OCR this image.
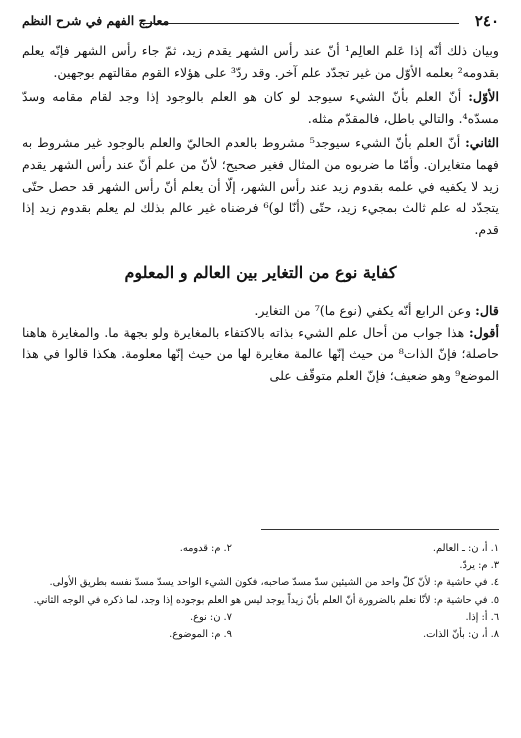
٢٤٠
معارج الفهم في شرح النظم

وبيان ذلك أنّه إذا عَلم العالِم¹ أنّ عند رأس الشهر يقدم زيد، ثمّ جاء رأس الشهر فإنّه يعلم بقدومه² بعلمه الأوّل من غير تجدّد علم آخر. وقد ردّ³ على هؤلاء القوم مقالتهم بوجهين.

الأوّل: أنّ العلم بأنّ الشيء سيوجد لو كان هو العلم بالوجود إذا وجد لقام مقامه وسدّ مسدّه⁴. والتالي باطل، فالمقدّم مثله.

الثاني: أنّ العلم بأنّ الشيء سيوجد⁵ مشروط بالعدم الحاليّ والعلم بالوجود غير مشروط به فهما متغايران. وأمّا ما ضربوه من المثال فغير صحيح؛ لأنّ من علم أنّ عند رأس الشهر يقدم زيد لا يكفيه في علمه بقدوم زيد عند رأس الشهر، إلّا أن يعلم أنّ رأس الشهر قد حصل حتّى يتجدّد له علم ثالث بمجيء زيد، حتّى (أنّا لو)⁶ فرضناه غير عالم بذلك لم يعلم بقدوم زيد إذا قدم.

كفاية نوع من التغاير بين العالم و المعلوم

قال: وعن الرابع أنّه يكفي (نوع ما)⁷ من التغاير.

أقول: هذا جواب من أحال علم الشيء بذاته بالاكتفاء بالمغايرة ولو بجهة ما. والمغايرة هاهنا حاصلة؛ فإنّ الذات⁸ من حيث إنّها عالمة مغايرة لها من حيث إنّها معلومة. هكذا قالوا في هذا الموضع⁹ وهو ضعيف؛ فإنّ العلم متوقّف على

١. أ، ن: ـ العالم.
٢. م: قدومه.
٣. م: يردّ.
٤. في حاشية م: لأنّ كلّ واحد من الشيئين سدّ مسدّ صاحبه، فكون الشيء الواحد يسدّ مسدّ نفسه بطريق الأولى.
٥. في حاشية م: لأنّا نعلم بالضرورة أنّ العلم بأنّ زيداً يوجد ليس هو العلم بوجوده إذا وجد، لما ذكره في الوجه الثاني.
٦. أ: إذا.
٧. ن: نوع.
٨. أ، ن: بأنّ الذات.
٩. م: الموضوع.
